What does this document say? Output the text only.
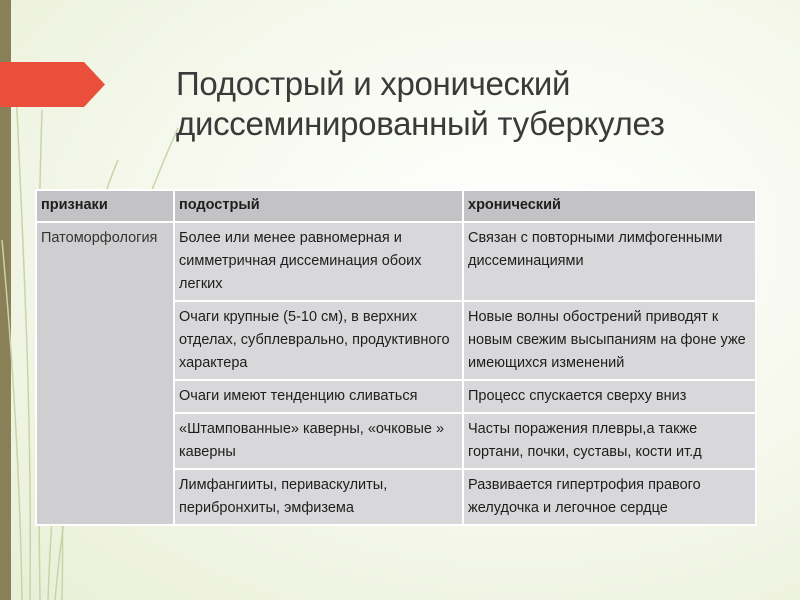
Подострый и хронический диссеминированный туберкулез
признаки	подострый	хронический
Патоморфология	Более или менее равномерная и симметричная диссеминация обоих легких	Связан с повторными лимфогенными диссеминациями
	Очаги крупные (5-10 см), в верхних отделах, субплеврально, продуктивного характера	Новые волны обострений приводят к новым свежим высыпаниям на фоне уже имеющихся изменений
	Очаги имеют тенденцию сливаться	Процесс спускается сверху вниз
	«Штампованные» каверны, «очковые » каверны	Часты поражения плевры,а также гортани, почки, суставы, кости ит.д
	Лимфангииты, периваскулиты, перибронхиты, эмфизема	Развивается гипертрофия правого желудочка и легочное сердце
